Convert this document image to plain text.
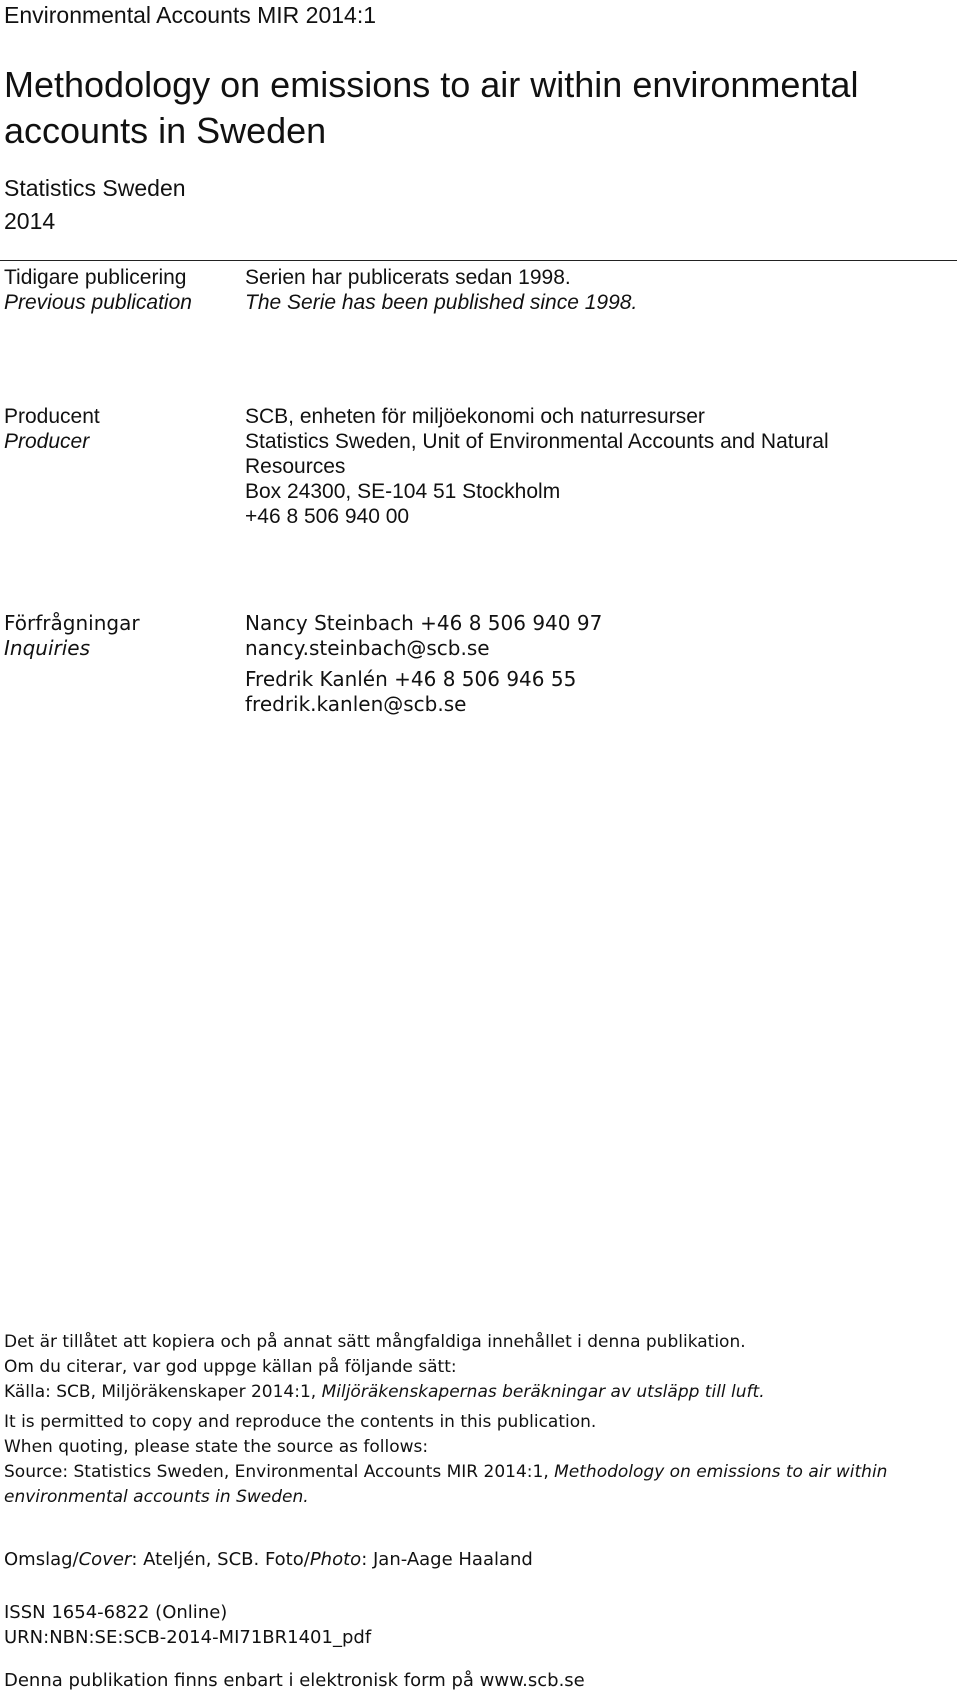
Environmental Accounts MIR 2014:1
Methodology on emissions to air within environmental accounts in Sweden
Statistics Sweden
2014
Tidigare publicering
Previous publication
Serien har publicerats sedan 1998.
The Serie has been published since 1998.
Producent
Producer
SCB, enheten för miljöekonomi och naturresurser
Statistics Sweden, Unit of Environmental Accounts and Natural
Resources
Box 24300, SE-104 51 Stockholm
+46 8 506 940 00
Förfrågningar
Inquiries
Nancy Steinbach +46 8 506 940 97
nancy.steinbach@scb.se
Fredrik Kanlén +46 8 506 946 55
fredrik.kanlen@scb.se
Det är tillåtet att kopiera och på annat sätt mångfaldiga innehållet i denna publikation.
Om du citerar, var god uppge källan på följande sätt:
Källa: SCB, Miljöräkenskaper 2014:1, Miljöräkenskapernas beräkningar av utsläpp till luft.
It is permitted to copy and reproduce the contents in this publication.
When quoting, please state the source as follows:
Source: Statistics Sweden, Environmental Accounts MIR 2014:1, Methodology on emissions to air within
environmental accounts in Sweden.
Omslag/Cover: Ateljén, SCB. Foto/Photo: Jan-Aage Haaland
ISSN 1654-6822 (Online)
URN:NBN:SE:SCB-2014-MI71BR1401_pdf
Denna publikation finns enbart i elektronisk form på www.scb.se
